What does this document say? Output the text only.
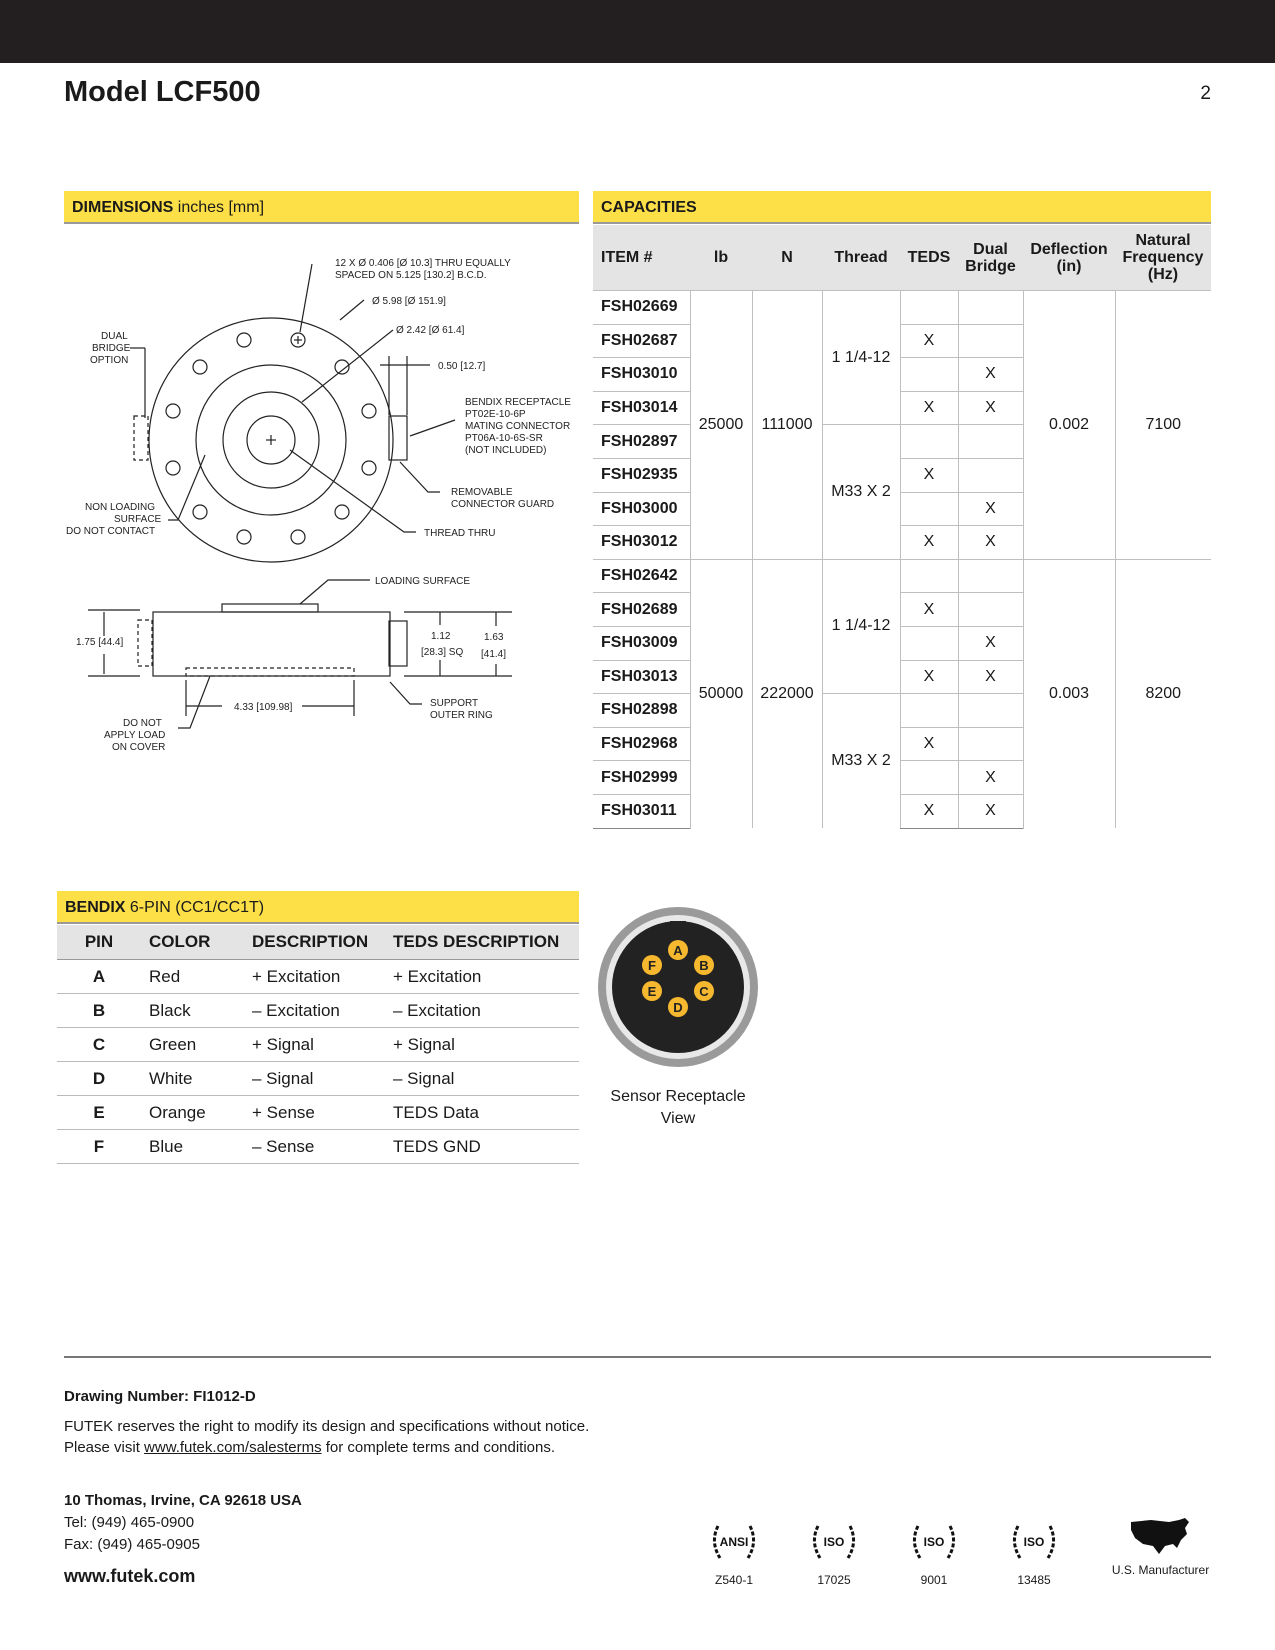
Model LCF500	2
DIMENSIONS inches [mm]
12 X Ø 0.406 [Ø 10.3] THRU EQUALLY
SPACED ON 5.125 [130.2] B.C.D.
Ø 5.98 [Ø 151.9]
Ø 2.42 [Ø 61.4]
DUAL
BRIDGE
OPTION
0.50 [12.7]
BENDIX RECEPTACLE
PT02E-10-6P
MATING CONNECTOR
PT06A-10-6S-SR
(NOT INCLUDED)
NON LOADING
SURFACE
DO NOT CONTACT
REMOVABLE
CONNECTOR GUARD
THREAD THRU
LOADING SURFACE
1.75 [44.4]
1.12
[28.3] SQ
1.63
[41.4]
4.33 [109.98]	SUPPORT
OUTER RING
DO NOT
APPLY LOAD
ON COVER
CAPACITIES
ITEM #	lb	N	Thread	TEDS	Dual Bridge	Deflection (in)	Natural Frequency (Hz)
FSH02669	25000	111000	1 1/4-12			0.002	7100
FSH02687				X			
FSH03010					X		
FSH03014				X	X		
FSH02897			M33 X 2				
FSH02935				X			
FSH03000					X		
FSH03012				X	X		
FSH02642	50000	222000	1 1/4-12			0.003	8200
FSH02689				X			
FSH03009					X		
FSH03013				X	X		
FSH02898			M33 X 2				
FSH02968				X			
FSH02999					X		
FSH03011				X	X		
BENDIX 6-PIN (CC1/CC1T)
PIN	COLOR	DESCRIPTION	TEDS DESCRIPTION
A	Red	+ Excitation	+ Excitation
B	Black	– Excitation	– Excitation
C	Green	+ Signal	+ Signal
D	White	– Signal	– Signal
E	Orange	+ Sense	TEDS Data
F	Blue	– Sense	TEDS GND
A
B
C
D
E
F
Sensor Receptacle
View
Drawing Number: FI1012-D
FUTEK reserves the right to modify its design and specifications without notice.
Please visit www.futek.com/salesterms for complete terms and conditions.
10 Thomas, Irvine, CA 92618 USA
Tel: (949) 465-0900
Fax: (949) 465-0905
www.futek.com
ANSI
Z540-1
ISO
17025
ISO
9001
ISO
13485
U.S. Manufacturer
